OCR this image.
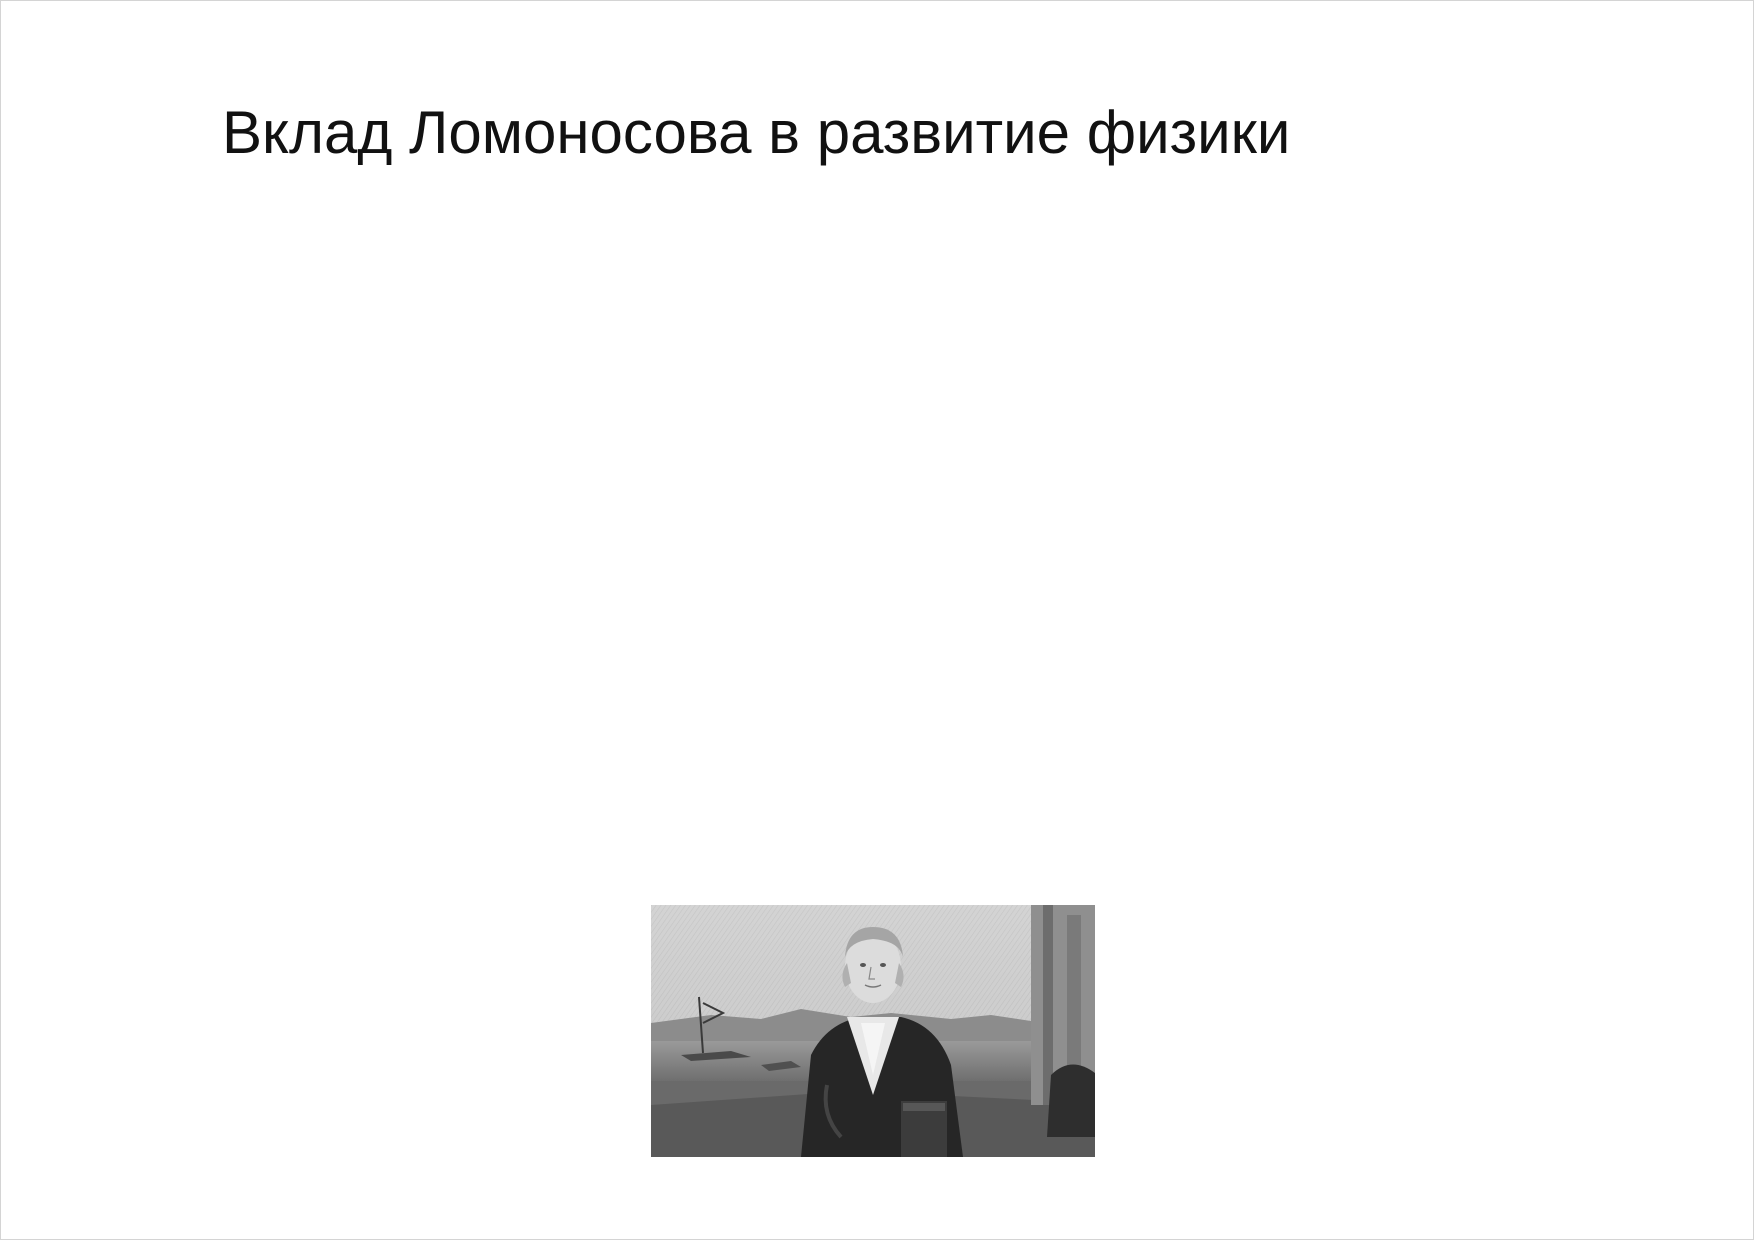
Вклад Ломоносова в развитие физики
